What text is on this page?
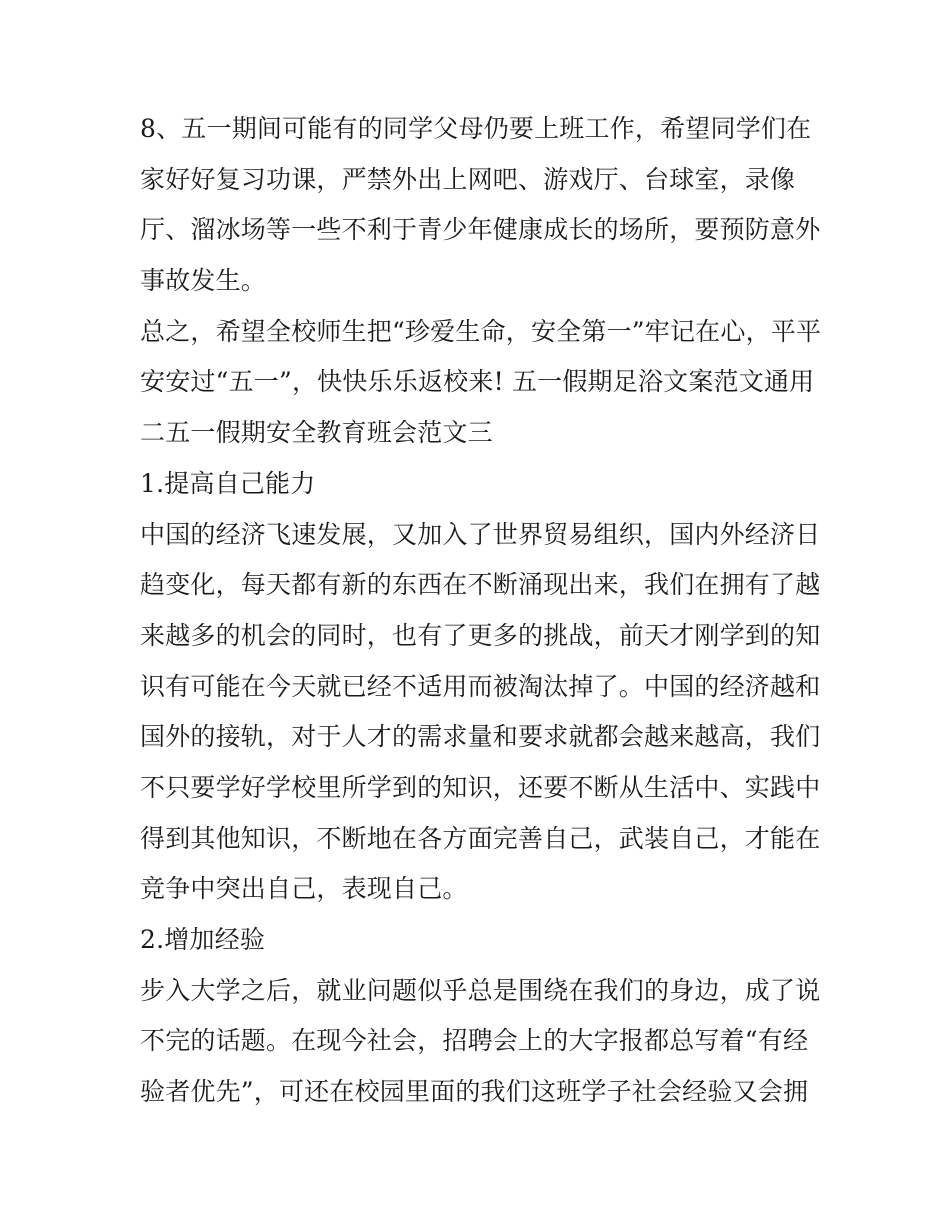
8、五一期间可能有的同学父母仍要上班工作，希望同学们在
家好好复习功课，严禁外出上网吧、游戏厅、台球室，录像
厅、溜冰场等一些不利于青少年健康成长的场所，要预防意外
事故发生。
总之，希望全校师生把“珍爱生命，安全第一”牢记在心，平平
安安过“五一”，快快乐乐返校来! 五一假期足浴文案范文通用
二五一假期安全教育班会范文三
1.提高自己能力
中国的经济飞速发展，又加入了世界贸易组织，国内外经济日
趋变化，每天都有新的东西在不断涌现出来，我们在拥有了越
来越多的机会的同时，也有了更多的挑战，前天才刚学到的知
识有可能在今天就已经不适用而被淘汰掉了。中国的经济越和
国外的接轨，对于人才的需求量和要求就都会越来越高，我们
不只要学好学校里所学到的知识，还要不断从生活中、实践中
得到其他知识，不断地在各方面完善自己，武装自己，才能在
竞争中突出自己，表现自己。
2.增加经验
步入大学之后，就业问题似乎总是围绕在我们的身边，成了说
不完的话题。在现今社会，招聘会上的大字报都总写着“有经
验者优先”，可还在校园里面的我们这班学子社会经验又会拥
